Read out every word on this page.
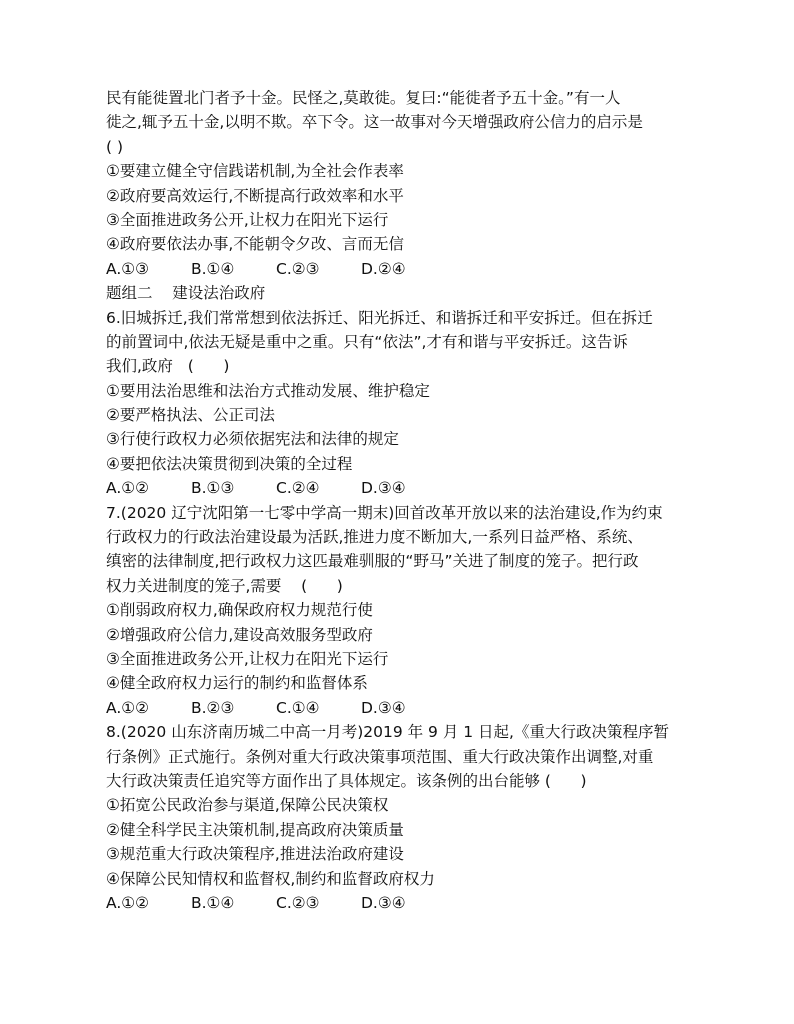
民有能徙置北门者予十金。民怪之,莫敢徙。复曰:“能徙者予五十金。”有一人
徙之,辄予五十金,以明不欺。卒下令。这一故事对今天增强政府公信力的启示是
( )
①要建立健全守信践诺机制,为全社会作表率
②政府要高效运行,不断提高行政效率和水平
③全面推进政务公开,让权力在阳光下运行
④政府要依法办事,不能朝令夕改、言而无信
A.①③	B.①④	C.②③	D.②④
题组二    建设法治政府
6.旧城拆迁,我们常常想到依法拆迁、阳光拆迁、和谐拆迁和平安拆迁。但在拆迁
的前置词中,依法无疑是重中之重。只有“依法”,才有和谐与平安拆迁。这告诉
我们,政府   (      )
①要用法治思维和法治方式推动发展、维护稳定
②要严格执法、公正司法
③行使行政权力必须依据宪法和法律的规定
④要把依法决策贯彻到决策的全过程
A.①②	B.①③	C.②④	D.③④
7.(2020 辽宁沈阳第一七零中学高一期末)回首改革开放以来的法治建设,作为约束
行政权力的行政法治建设最为活跃,推进力度不断加大,一系列日益严格、系统、
缜密的法律制度,把行政权力这匹最难驯服的“野马”关进了制度的笼子。把行政
权力关进制度的笼子,需要    (      )
①削弱政府权力,确保政府权力规范行使
②增强政府公信力,建设高效服务型政府
③全面推进政务公开,让权力在阳光下运行
④健全政府权力运行的制约和监督体系
A.①②	B.②③	C.①④	D.③④
8.(2020 山东济南历城二中高一月考)2019 年 9 月 1 日起,《重大行政决策程序暂
行条例》正式施行。条例对重大行政决策事项范围、重大行政决策作出调整,对重
大行政决策责任追究等方面作出了具体规定。该条例的出台能够 (      )
①拓宽公民政治参与渠道,保障公民决策权
②健全科学民主决策机制,提高政府决策质量
③规范重大行政决策程序,推进法治政府建设
④保障公民知情权和监督权,制约和监督政府权力
A.①②	B.①④	C.②③	D.③④
